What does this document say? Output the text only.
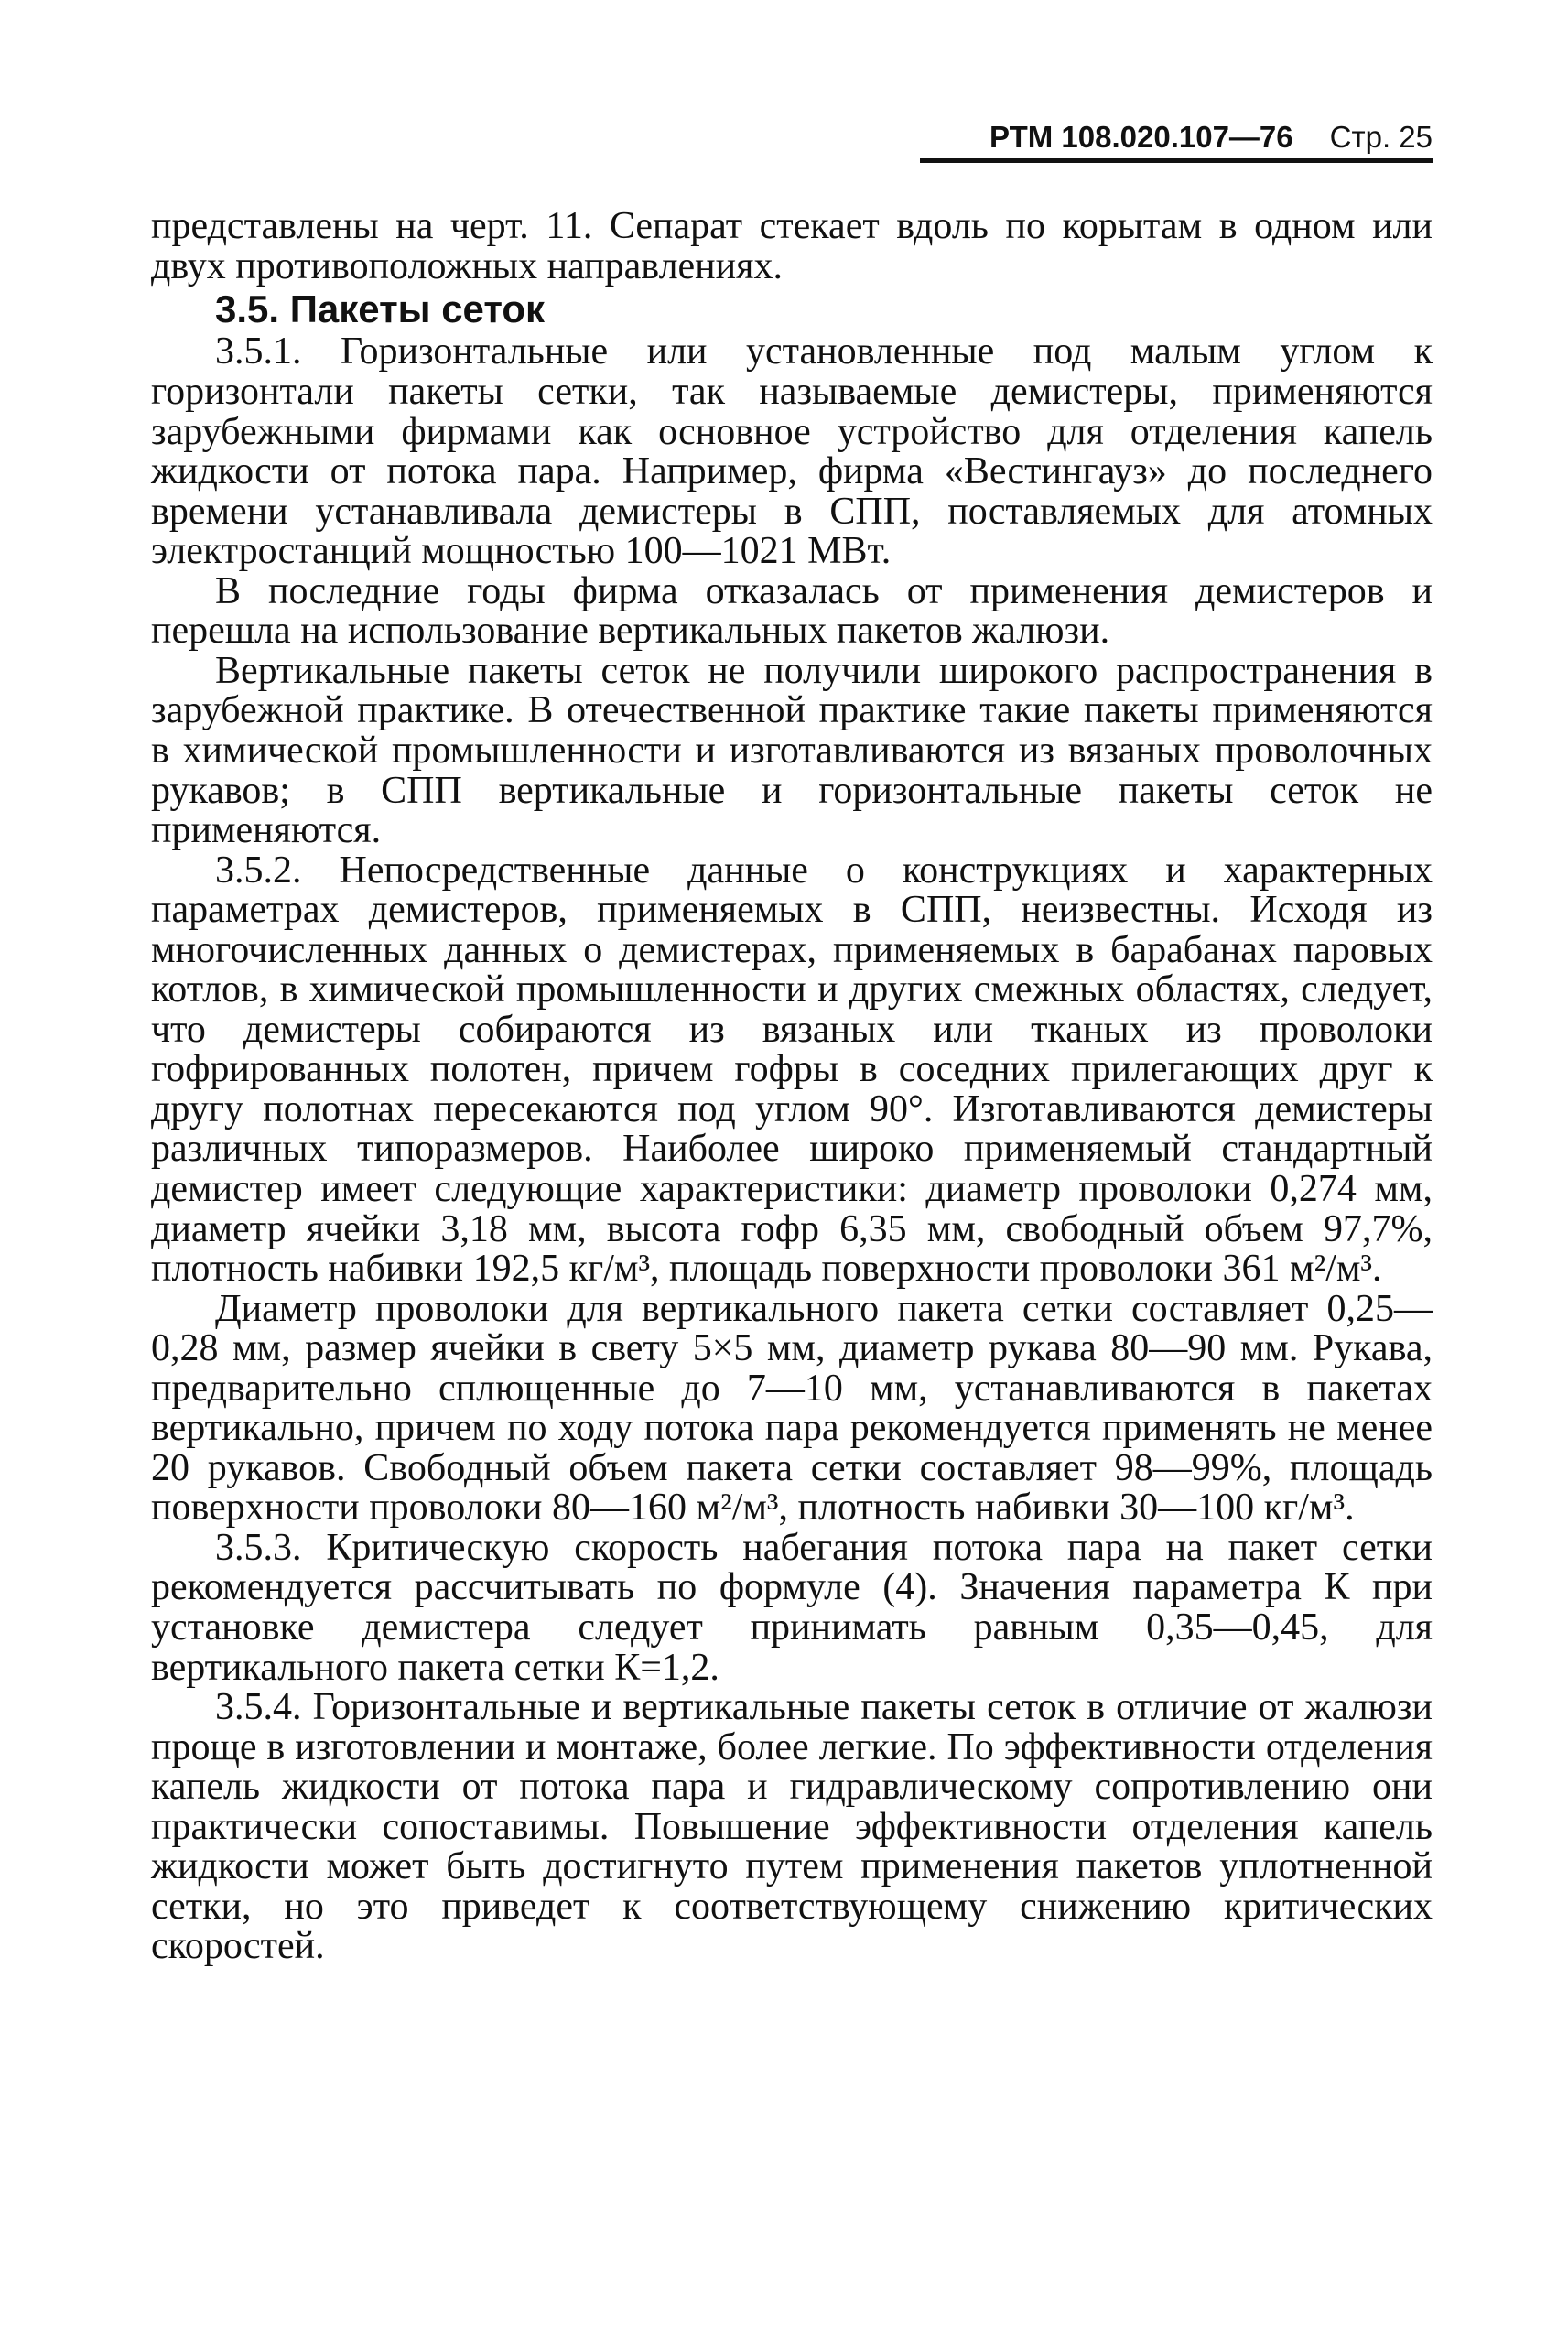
РТМ 108.020.107—76 Стр. 25

представлены на черт. 11. Сепарат стекает вдоль по корытам в одном или двух противоположных направлениях.

3.5. Пакеты сеток

3.5.1. Горизонтальные или установленные под малым углом к горизонтали пакеты сетки, так называемые демистеры, применяются зарубежными фирмами как основное устройство для отделения капель жидкости от потока пара. Например, фирма «Вестингауз» до последнего времени устанавливала демистеры в СПП, поставляемых для атомных электростанций мощностью 100—1021 МВт.

В последние годы фирма отказалась от применения демистеров и перешла на использование вертикальных пакетов жалюзи.

Вертикальные пакеты сеток не получили широкого распространения в зарубежной практике. В отечественной практике такие пакеты применяются в химической промышленности и изготавливаются из вязаных проволочных рукавов; в СПП вертикальные и горизонтальные пакеты сеток не применяются.

3.5.2. Непосредственные данные о конструкциях и характерных параметрах демистеров, применяемых в СПП, неизвестны. Исходя из многочисленных данных о демистерах, применяемых в барабанах паровых котлов, в химической промышленности и других смежных областях, следует, что демистеры собираются из вязаных или тканых из проволоки гофрированных полотен, причем гофры в соседних прилегающих друг к другу полотнах пересекаются под углом 90°. Изготавливаются демистеры различных типоразмеров. Наиболее широко применяемый стандартный демистер имеет следующие характеристики: диаметр проволоки 0,274 мм, диаметр ячейки 3,18 мм, высота гофр 6,35 мм, свободный объем 97,7%, плотность набивки 192,5 кг/м³, площадь поверхности проволоки 361 м²/м³.

Диаметр проволоки для вертикального пакета сетки составляет 0,25—0,28 мм, размер ячейки в свету 5×5 мм, диаметр рукава 80—90 мм. Рукава, предварительно сплющенные до 7—10 мм, устанавливаются в пакетах вертикально, причем по ходу потока пара рекомендуется применять не менее 20 рукавов. Свободный объем пакета сетки составляет 98—99%, площадь поверхности проволоки 80—160 м²/м³, плотность набивки 30—100 кг/м³.

3.5.3. Критическую скорость набегания потока пара на пакет сетки рекомендуется рассчитывать по формуле (4). Значения параметра К при установке демистера следует принимать равным 0,35—0,45, для вертикального пакета сетки К=1,2.

3.5.4. Горизонтальные и вертикальные пакеты сеток в отличие от жалюзи проще в изготовлении и монтаже, более легкие. По эффективности отделения капель жидкости от потока пара и гидравлическому сопротивлению они практически сопоставимы. Повышение эффективности отделения капель жидкости может быть достигнуто путем применения пакетов уплотненной сетки, но это приведет к соответствующему снижению критических скоростей.
